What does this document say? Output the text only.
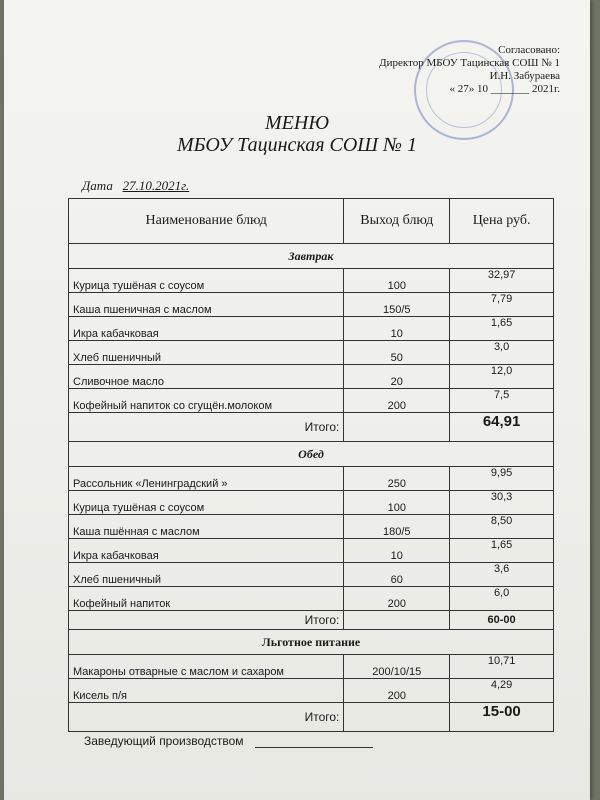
Согласовано:
Директор МБОУ Тацинская СОШ № 1
И.Н. Забураева
« 27» 10 _______ 2021г.
МЕНЮ
МБОУ Тацинская СОШ № 1
Дата 27.10.2021г.
Наименование блюд	Выход блюд	Цена руб.
Завтрак		
Курица тушёная с соусом	100	32,97
Каша пшеничная с маслом	150/5	7,79
Икра кабачковая	10	1,65
Хлеб пшеничный	50	3,0
Сливочное масло	20	12,0
Кофейный напиток со сгущён.молоком	200	7,5
Итого:		64,91
Обед		
Рассольник «Ленинградский »	250	9,95
Курица тушёная с соусом	100	30,3
Каша пшённая с маслом	180/5	8,50
Икра кабачковая	10	1,65
Хлеб пшеничный	60	3,6
Кофейный напиток	200	6,0
Итого:		60-00
Льготное питание		
Макароны отварные с маслом и сахаром	200/10/15	10,71
Кисель п/я	200	4,29
Итого:		15-00
Заведующий производством
